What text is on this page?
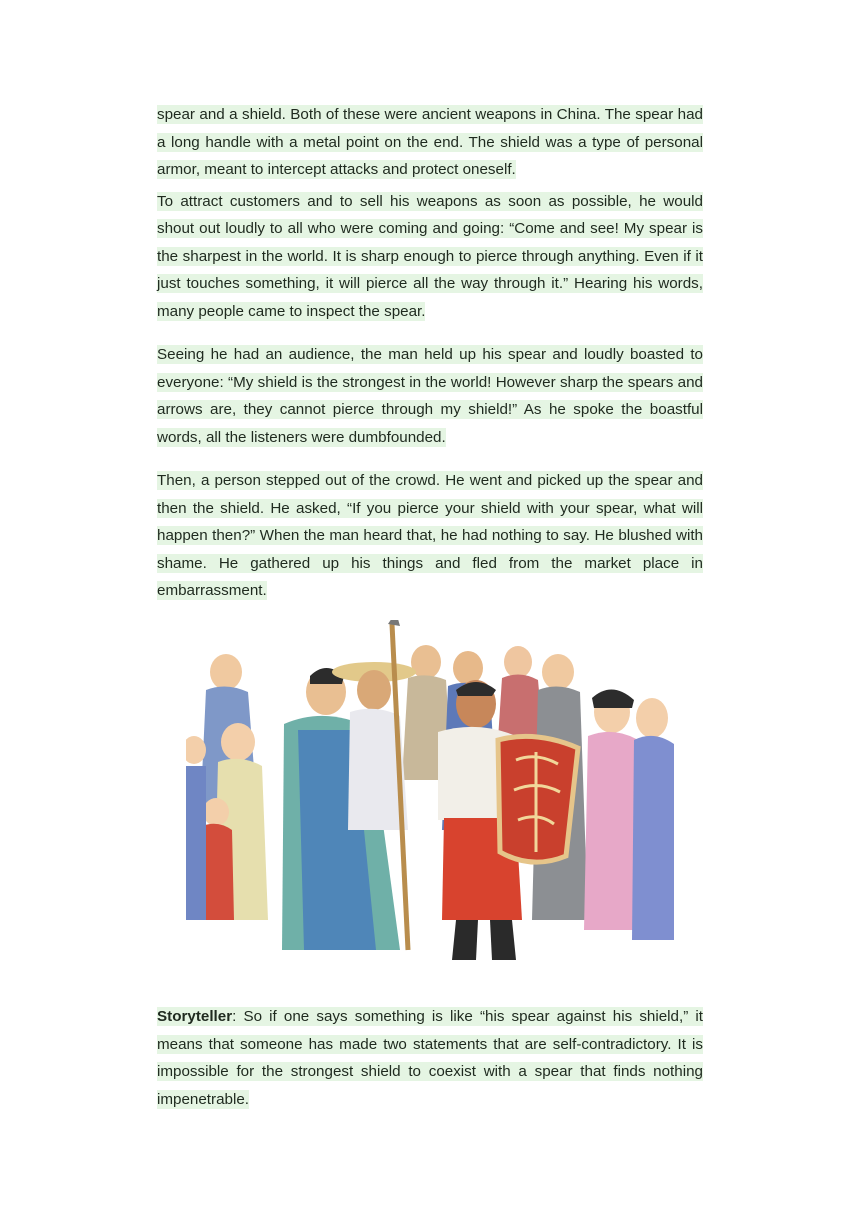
spear and a shield. Both of these were ancient weapons in China. The spear had a long handle with a metal point on the end. The shield was a type of personal armor, meant to intercept attacks and protect oneself.

To attract customers and to sell his weapons as soon as possible, he would shout out loudly to all who were coming and going: “Come and see! My spear is the sharpest in the world. It is sharp enough to pierce through anything. Even if it just touches something, it will pierce all the way through it.” Hearing his words, many people came to inspect the spear.

Seeing he had an audience, the man held up his spear and loudly boasted to everyone: “My shield is the strongest in the world! However sharp the spears and arrows are, they cannot pierce through my shield!” As he spoke the boastful words, all the listeners were dumbfounded.

Then, a person stepped out of the crowd. He went and picked up the spear and then the shield. He asked, “If you pierce your shield with your spear, what will happen then?” When the man heard that, he had nothing to say. He blushed with shame. He gathered up his things and fled from the market place in embarrassment.

Storyteller: So if one says something is like “his spear against his shield,” it means that someone has made two statements that are self-contradictory. It is impossible for the strongest shield to coexist with a spear that finds nothing impenetrable.
